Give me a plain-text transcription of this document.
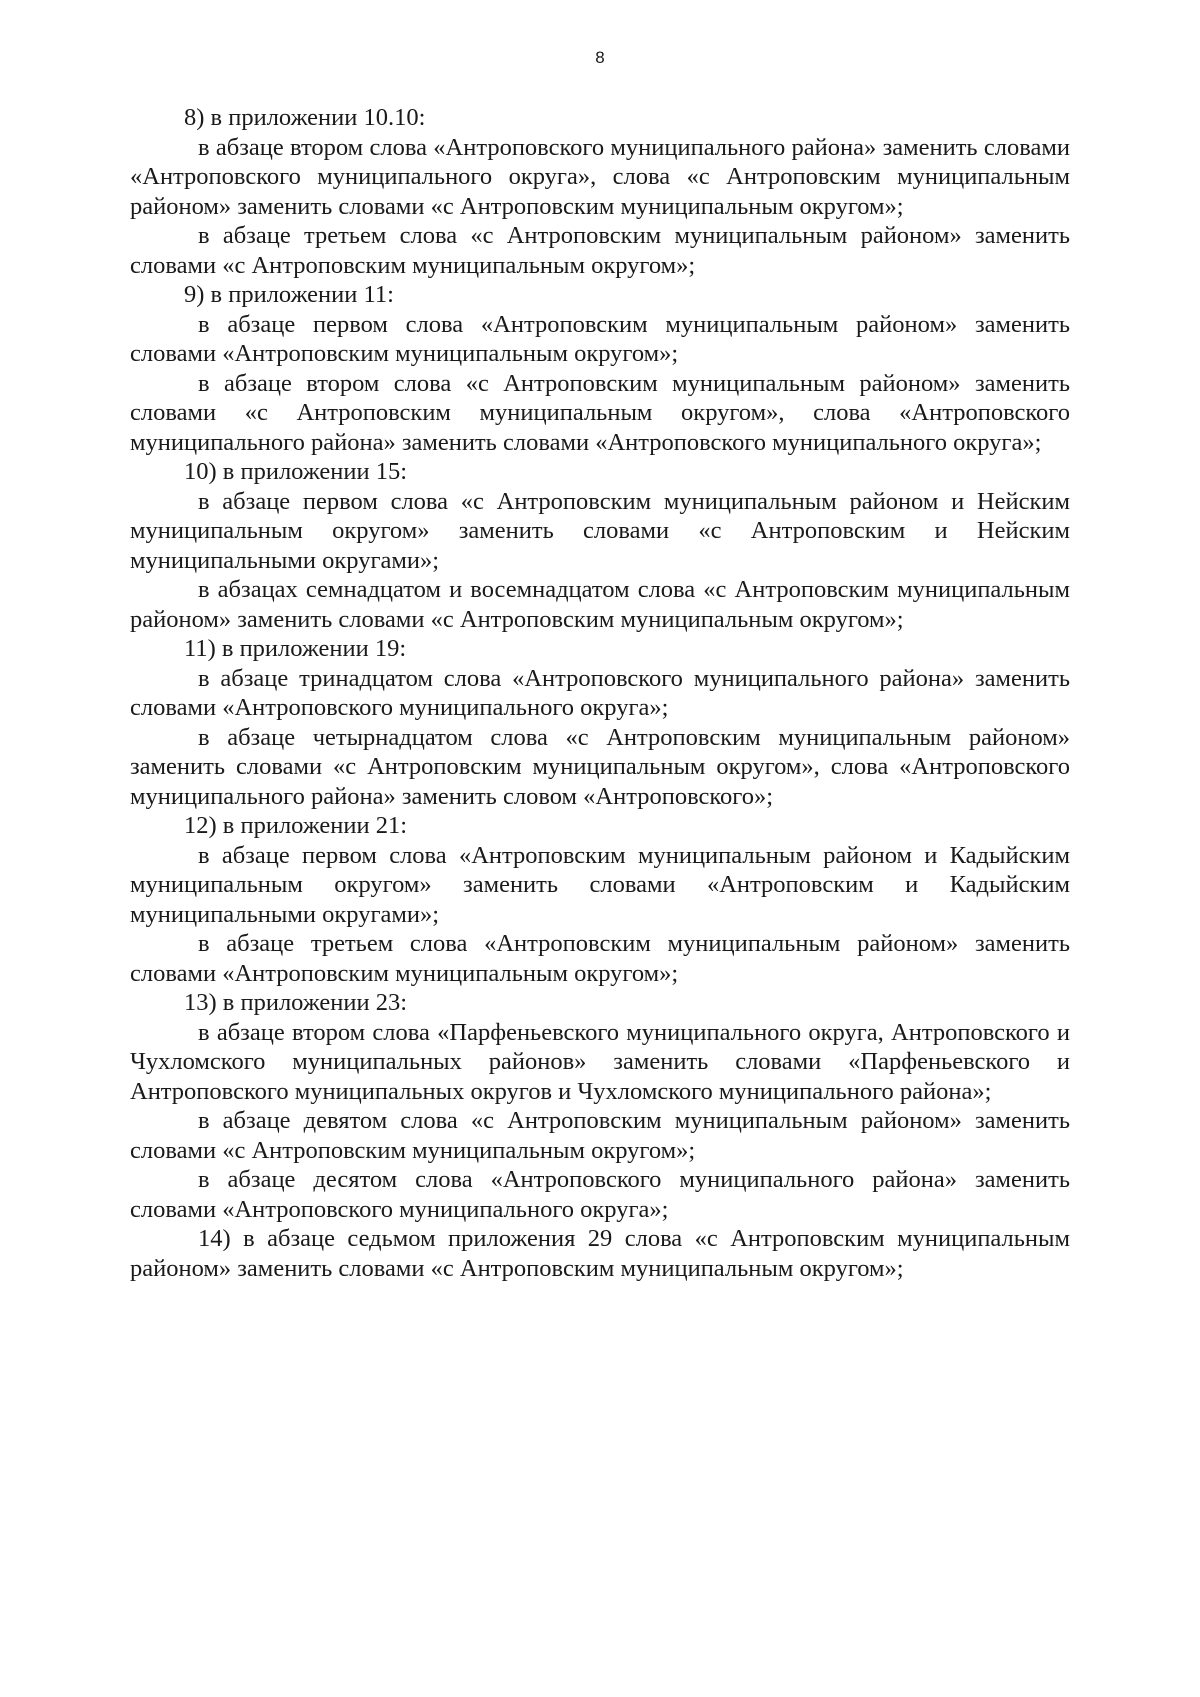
8

8) в приложении 10.10:

в абзаце втором слова «Антроповского муниципального района» заменить словами «Антроповского муниципального округа», слова «с Антроповским муниципальным районом» заменить словами «с Антроповским муниципальным округом»;

в абзаце третьем слова «с Антроповским муниципальным районом» заменить словами «с Антроповским муниципальным округом»;

9) в приложении 11:

в абзаце первом слова «Антроповским муниципальным районом» заменить словами «Антроповским муниципальным округом»;

в абзаце втором слова «с Антроповским муниципальным районом» заменить словами «с Антроповским муниципальным округом», слова «Антроповского муниципального района» заменить словами «Антроповского муниципального округа»;

10) в приложении 15:

в абзаце первом слова «с Антроповским муниципальным районом и Нейским муниципальным округом» заменить словами «с Антроповским и Нейским муниципальными округами»;

в абзацах семнадцатом и восемнадцатом слова «с Антроповским муниципальным районом» заменить словами «с Антроповским муниципальным округом»;

11) в приложении 19:

в абзаце тринадцатом слова «Антроповского муниципального района» заменить словами «Антроповского муниципального округа»;

в абзаце четырнадцатом слова «с Антроповским муниципальным районом» заменить словами «с Антроповским муниципальным округом», слова «Антроповского муниципального района» заменить словом «Антроповского»;

12) в приложении 21:

в абзаце первом слова «Антроповским муниципальным районом и Кадыйским муниципальным округом» заменить словами «Антроповским и Кадыйским муниципальными округами»;

в абзаце третьем слова «Антроповским муниципальным районом» заменить словами «Антроповским муниципальным округом»;

13) в приложении 23:

в абзаце втором слова «Парфеньевского муниципального округа, Антроповского и Чухломского муниципальных районов» заменить словами «Парфеньевского и Антроповского муниципальных округов и Чухломского муниципального района»;

в абзаце девятом слова «с Антроповским муниципальным районом» заменить словами «с Антроповским муниципальным округом»;

в абзаце десятом слова «Антроповского муниципального района» заменить словами «Антроповского муниципального округа»;

14) в абзаце седьмом приложения 29 слова «с Антроповским муниципальным районом» заменить словами «с Антроповским муниципальным округом»;
